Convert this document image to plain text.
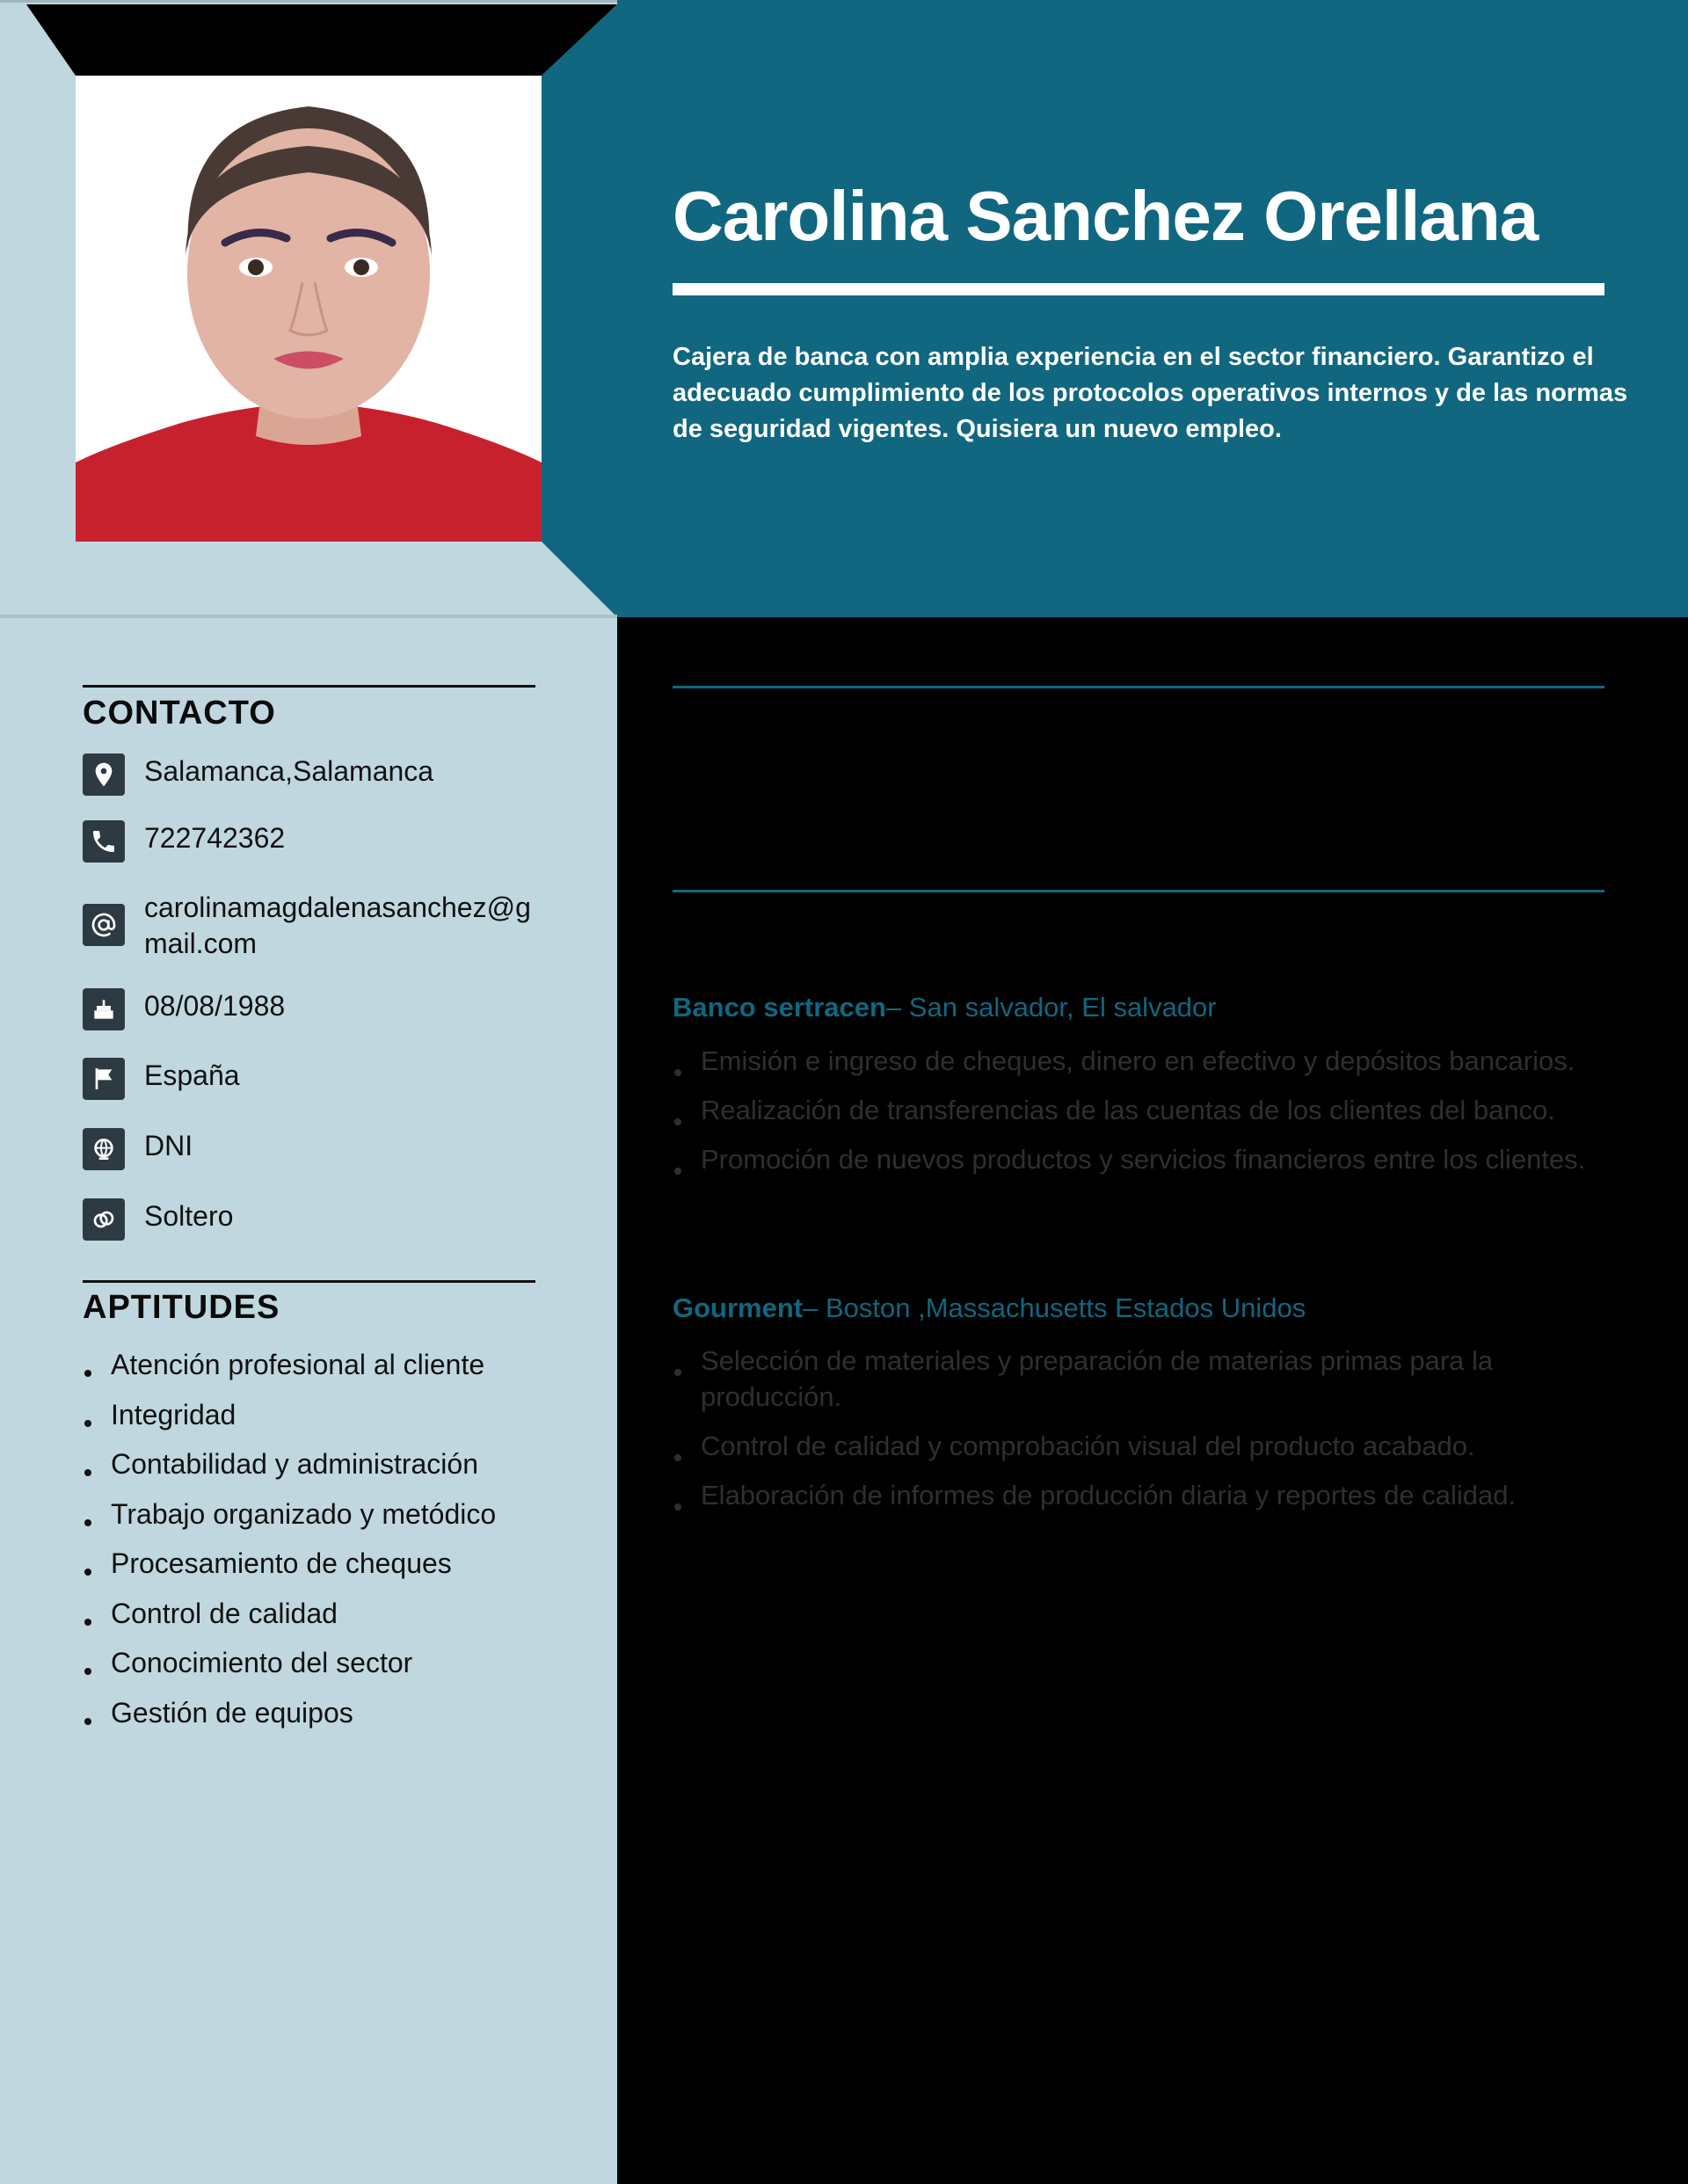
Carolina Sanchez Orellana

Cajera de banca con amplia experiencia en el sector financiero. Garantizo el adecuado cumplimiento de los protocolos operativos internos y de las normas de seguridad vigentes. Quisiera un nuevo empleo.

CONTACTO
Salamanca,Salamanca
722742362
carolinamagdalenasanchez@gmail.com
08/08/1988
España
DNI
Soltero
APTITUDES
Atención profesional al cliente
Integridad
Contabilidad y administración
Trabajo organizado y metódico
Procesamiento de cheques
Control de calidad
Conocimiento del sector
Gestión de equipos
Banco sertracen– San salvador, El salvador
Emisión e ingreso de cheques, dinero en efectivo y depósitos bancarios.
Realización de transferencias de las cuentas de los clientes del banco.
Promoción de nuevos productos y servicios financieros entre los clientes.
Gourment– Boston ,Massachusetts Estados Unidos
Selección de materiales y preparación de materias primas para la producción.
Control de calidad y comprobación visual del producto acabado.
Elaboración de informes de producción diaria y reportes de calidad.
